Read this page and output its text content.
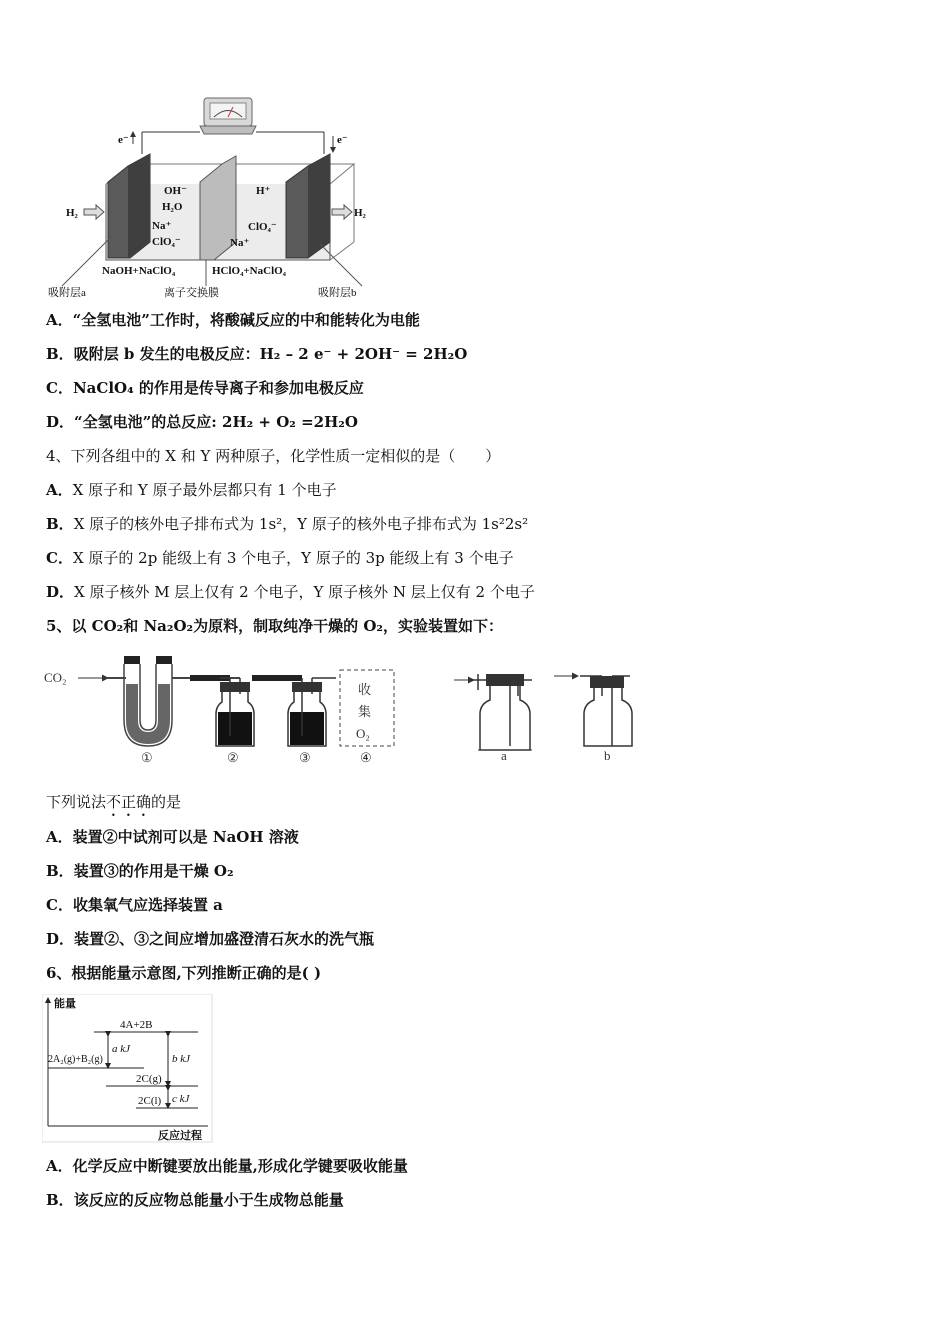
e⁻	e⁻
H₂	H₂
OH⁻
H₂O
Na⁺
ClO₄⁻
H⁺
ClO₄⁻
Na⁺
NaOH+NaClO₄	HClO₄+NaClO₄
吸附层a	离子交换膜	吸附层b
A．“全氢电池”工作时，将酸碱反应的中和能转化为电能
B．吸附层 b 发生的电极反应：H₂ – 2 e⁻ + 2OH⁻ = 2H₂O
C．NaClO₄ 的作用是传导离子和参加电极反应
D．“全氢电池”的总反应: 2H₂ + O₂ =2H₂O
4、下列各组中的 X 和 Y 两种原子，化学性质一定相似的是（　　）
A．X 原子和 Y 原子最外层都只有 1 个电子
B．X 原子的核外电子排布式为 1s²，Y 原子的核外电子排布式为 1s²2s²
C．X 原子的 2p 能级上有 3 个电子，Y 原子的 3p 能级上有 3 个电子
D．X 原子核外 M 层上仅有 2 个电子，Y 原子核外 N 层上仅有 2 个电子
5、以 CO₂和 Na₂O₂为原料，制取纯净干燥的 O₂，实验装置如下：
CO₂
收
集
O₂
①	②	③	④	a	b
下列说法不正确的是
A．装置②中试剂可以是 NaOH 溶液
B．装置③的作用是干燥 O₂
C．收集氧气应选择装置 a
D．装置②、③之间应增加盛澄清石灰水的洗气瓶
6、根据能量示意图,下列推断正确的是( )
能量
反应过程
4A+2B
2A₂(g)+B₂(g)
2C(g)
2C(l)
a kJ
b kJ
c kJ
A．化学反应中断键要放出能量,形成化学键要吸收能量
B．该反应的反应物总能量小于生成物总能量
